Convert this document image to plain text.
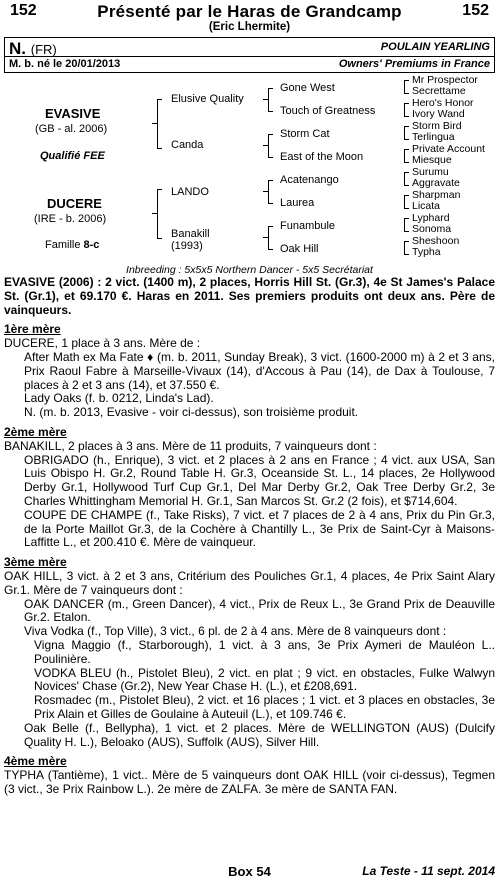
152	Présenté par le Haras de Grandcamp	152
(Eric Lhermite)
N. (FR)	POULAIN YEARLING
M. b. né le 20/01/2013	Owners' Premiums in France
EVASIVE
(GB - al. 2006)
Qualifié FEE
DUCERE
(IRE - b. 2006)
Famille 8-c
Elusive Quality
Canda
LANDO
Banakill
(1993)
Gone West
Touch of Greatness
Storm Cat
East of the Moon
Acatenango
Laurea
Funambule
Oak Hill
Mr Prospector
Secrettame
Hero's Honor
Ivory Wand
Storm Bird
Terlingua
Private Account
Miesque
Surumu
Aggravate
Sharpman
Licata
Lyphard
Sonoma
Sheshoon
Typha
Inbreeding : 5x5x5 Northern Dancer - 5x5 Secrétariat

EVASIVE (2006) : 2 vict. (1400 m), 2 places, Horris Hill St. (Gr.3), 4e St James's Palace St. (Gr.1), et 69.170 €. Haras en 2011. Ses premiers produits ont deux ans. Père de vainqueurs.

1ère mère

DUCERE, 1 place à 3 ans. Mère de :

After Math ex Ma Fate ♦ (m. b. 2011, Sunday Break), 3 vict. (1600-2000 m) à 2 et 3 ans, Prix Raoul Fabre à Marseille-Vivaux (14), d'Accous à Pau (14), de Dax à Toulouse, 7 places à 2 et 3 ans (14), et 37.550 €.

Lady Oaks (f. b. 0212, Linda's Lad).

N. (m. b. 2013, Evasive - voir ci-dessus), son troisième produit.

2ème mère

BANAKILL, 2 places à 3 ans. Mère de 11 produits, 7 vainqueurs dont :

OBRIGADO (h., Enrique), 3 vict. et 2 places à 2 ans en France ; 4 vict. aux USA, San Luis Obispo H. Gr.2, Round Table H. Gr.3, Oceanside St. L., 14 places, 2e Hollywood Derby Gr.1, Hollywood Turf Cup Gr.1, Del Mar Derby Gr.2, Oak Tree Derby Gr.2, 3e Charles Whittingham Memorial H. Gr.1, San Marcos St. Gr.2 (2 fois), et $714,604.

COUPE DE CHAMPE (f., Take Risks), 7 vict. et 7 places de 2 à 4 ans, Prix du Pin Gr.3, de la Porte Maillot Gr.3, de la Cochère à Chantilly L., 3e Prix de Saint-Cyr à Maisons-Laffitte L., et 200.410 €. Mère de vainqueur.

3ème mère

OAK HILL, 3 vict. à 2 et 3 ans, Critérium des Pouliches Gr.1, 4 places, 4e Prix Saint Alary Gr.1. Mère de 7 vainqueurs dont :

OAK DANCER (m., Green Dancer), 4 vict., Prix de Reux L., 3e Grand Prix de Deauville Gr.2. Etalon.

Viva Vodka (f., Top Ville), 3 vict., 6 pl. de 2 à 4 ans. Mère de 8 vainqueurs dont :

Vigna Maggio (f., Starborough), 1 vict. à 3 ans, 3e Prix Aymeri de Mauléon L.. Poulinière.

VODKA BLEU (h., Pistolet Bleu), 2 vict. en plat ; 9 vict. en obstacles, Fulke Walwyn Novices' Chase (Gr.2), New Year Chase H. (L.), et £208,691.

Rosmadec (m., Pistolet Bleu), 2 vict. et 16 places ; 1 vict. et 3 places en obstacles, 3e Prix Alain et Gilles de Goulaine à Auteuil (L.), et 109.746 €.

Oak Belle (f., Bellypha), 1 vict. et 2 places. Mère de WELLINGTON (AUS) (Dulcify Quality H. L.), Beloako (AUS), Suffolk (AUS), Silver Hill.

4ème mère

TYPHA (Tantième), 1 vict.. Mère de 5 vainqueurs dont OAK HILL (voir ci-dessus), Tegmen (3 vict., 3e Prix Rainbow L.). 2e mère de ZALFA. 3e mère de SANTA FAN.

Box 54	La Teste - 11 sept. 2014
